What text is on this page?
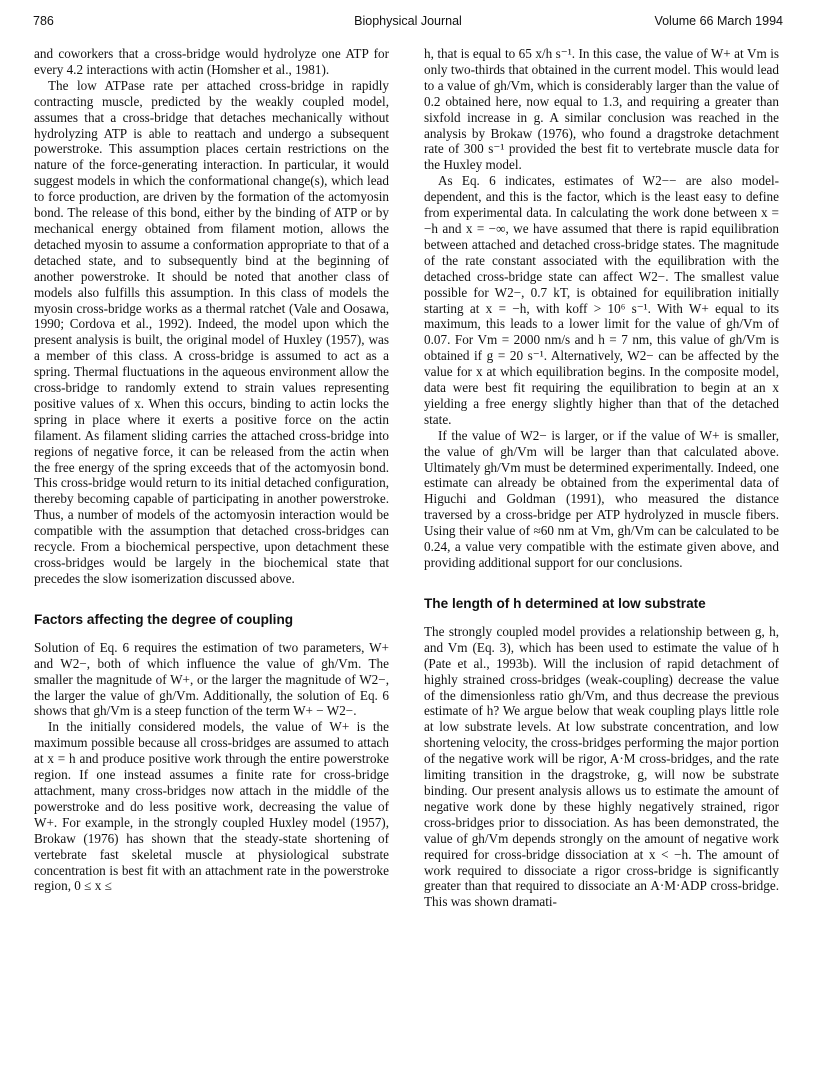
786	Biophysical Journal	Volume 66 March 1994

and coworkers that a cross-bridge would hydrolyze one ATP for every 4.2 interactions with actin (Homsher et al., 1981).

The low ATPase rate per attached cross-bridge in rapidly contracting muscle, predicted by the weakly coupled model, assumes that a cross-bridge that detaches mechanically without hydrolyzing ATP is able to reattach and undergo a subsequent powerstroke. This assumption places certain restrictions on the nature of the force-generating interaction. In particular, it would suggest models in which the conformational change(s), which lead to force production, are driven by the formation of the actomyosin bond. The release of this bond, either by the binding of ATP or by mechanical energy obtained from filament motion, allows the detached myosin to assume a conformation appropriate to that of a detached state, and to subsequently bind at the beginning of another powerstroke. It should be noted that another class of models also fulfills this assumption. In this class of models the myosin cross-bridge works as a thermal ratchet (Vale and Oosawa, 1990; Cordova et al., 1992). Indeed, the model upon which the present analysis is built, the original model of Huxley (1957), was a member of this class. A cross-bridge is assumed to act as a spring. Thermal fluctuations in the aqueous environment allow the cross-bridge to randomly extend to strain values representing positive values of x. When this occurs, binding to actin locks the spring in place where it exerts a positive force on the actin filament. As filament sliding carries the attached cross-bridge into regions of negative force, it can be released from the actin when the free energy of the spring exceeds that of the actomyosin bond. This cross-bridge would return to its initial detached configuration, thereby becoming capable of participating in another powerstroke. Thus, a number of models of the actomyosin interaction would be compatible with the assumption that detached cross-bridges can recycle. From a biochemical perspective, upon detachment these cross-bridges would be largely in the biochemical state that precedes the slow isomerization discussed above.

Factors affecting the degree of coupling

Solution of Eq. 6 requires the estimation of two parameters, W+ and W2−, both of which influence the value of gh/Vm. The smaller the magnitude of W+, or the larger the magnitude of W2−, the larger the value of gh/Vm. Additionally, the solution of Eq. 6 shows that gh/Vm is a steep function of the term W+ − W2−.

In the initially considered models, the value of W+ is the maximum possible because all cross-bridges are assumed to attach at x = h and produce positive work through the entire powerstroke region. If one instead assumes a finite rate for cross-bridge attachment, many cross-bridges now attach in the middle of the powerstroke and do less positive work, decreasing the value of W+. For example, in the strongly coupled Huxley model (1957), Brokaw (1976) has shown that the steady-state shortening of vertebrate fast skeletal muscle at physiological substrate concentration is best fit with an attachment rate in the powerstroke region, 0 ≤ x ≤

h, that is equal to 65 x/h s⁻¹. In this case, the value of W+ at Vm is only two-thirds that obtained in the current model. This would lead to a value of gh/Vm, which is considerably larger than the value of 0.2 obtained here, now equal to 1.3, and requiring a greater than sixfold increase in g. A similar conclusion was reached in the analysis by Brokaw (1976), who found a dragstroke detachment rate of 300 s⁻¹ provided the best fit to vertebrate muscle data for the Huxley model.

As Eq. 6 indicates, estimates of W2−− are also model-dependent, and this is the factor, which is the least easy to define from experimental data. In calculating the work done between x = −h and x = −∞, we have assumed that there is rapid equilibration between attached and detached cross-bridge states. The magnitude of the rate constant associated with the equilibration with the detached cross-bridge state can affect W2−. The smallest value possible for W2−, 0.7 kT, is obtained for equilibration initially starting at x = −h, with koff > 10⁶ s⁻¹. With W+ equal to its maximum, this leads to a lower limit for the value of gh/Vm of 0.07. For Vm = 2000 nm/s and h = 7 nm, this value of gh/Vm is obtained if g = 20 s⁻¹. Alternatively, W2− can be affected by the value for x at which equilibration begins. In the composite model, data were best fit requiring the equilibration to begin at an x yielding a free energy slightly higher than that of the detached state.

If the value of W2− is larger, or if the value of W+ is smaller, the value of gh/Vm will be larger than that calculated above. Ultimately gh/Vm must be determined experimentally. Indeed, one estimate can already be obtained from the experimental data of Higuchi and Goldman (1991), who measured the distance traversed by a cross-bridge per ATP hydrolyzed in muscle fibers. Using their value of ≈60 nm at Vm, gh/Vm can be calculated to be 0.24, a value very compatible with the estimate given above, and providing additional support for our conclusions.

The length of h determined at low substrate

The strongly coupled model provides a relationship between g, h, and Vm (Eq. 3), which has been used to estimate the value of h (Pate et al., 1993b). Will the inclusion of rapid detachment of highly strained cross-bridges (weak-coupling) decrease the value of the dimensionless ratio gh/Vm, and thus decrease the previous estimate of h? We argue below that weak coupling plays little role at low substrate levels. At low substrate concentration, and low shortening velocity, the cross-bridges performing the major portion of the negative work will be rigor, A·M cross-bridges, and the rate limiting transition in the dragstroke, g, will now be substrate binding. Our present analysis allows us to estimate the amount of negative work done by these highly negatively strained, rigor cross-bridges prior to dissociation. As has been demonstrated, the value of gh/Vm depends strongly on the amount of negative work required for cross-bridge dissociation at x < −h. The amount of work required to dissociate a rigor cross-bridge is significantly greater than that required to dissociate an A·M·ADP cross-bridge. This was shown dramati-
